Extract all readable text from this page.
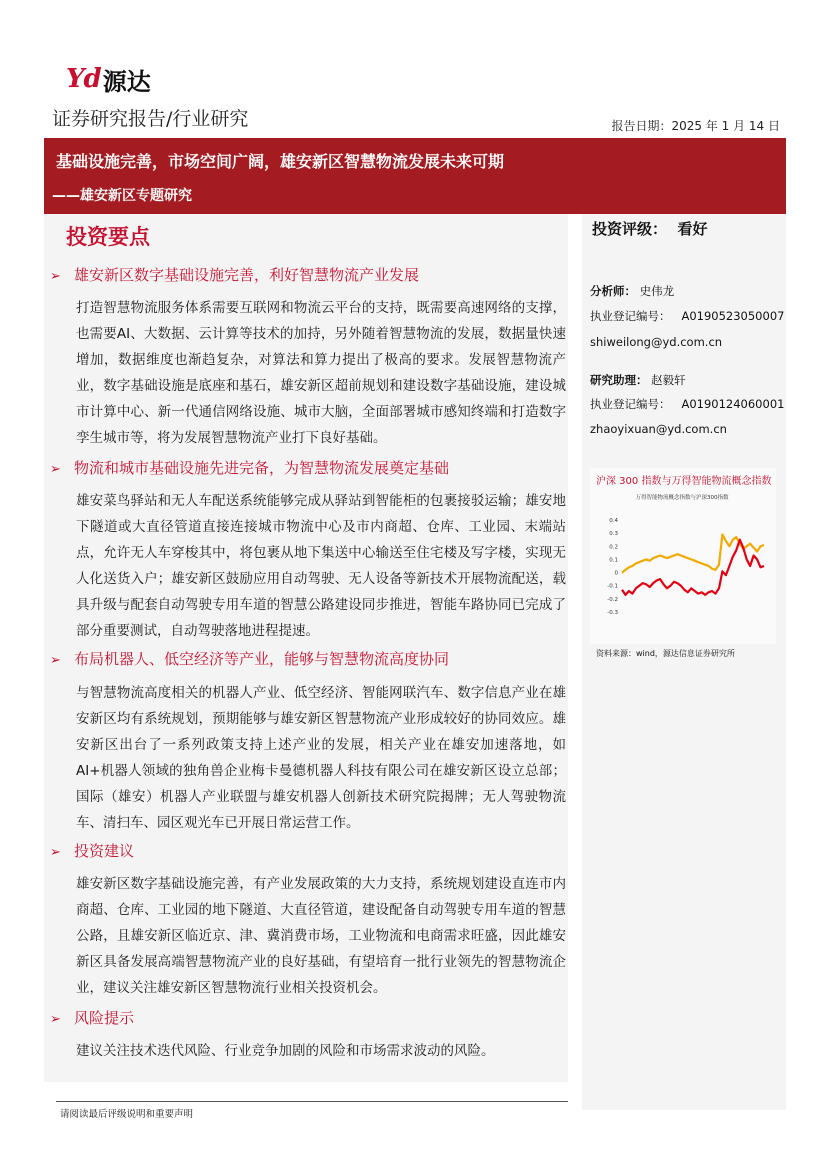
Yd 源达
证券研究报告/行业研究	报告日期：2025 年 1 月 14 日
基础设施完善，市场空间广阔，雄安新区智慧物流发展未来可期
——雄安新区专题研究
投资要点
➢ 雄安新区数字基础设施完善，利好智慧物流产业发展
打造智慧物流服务体系需要互联网和物流云平台的支持，既需要高速网络的支撑，也需要AI、大数据、云计算等技术的加持，另外随着智慧物流的发展，数据量快速增加，数据维度也渐趋复杂，对算法和算力提出了极高的要求。发展智慧物流产业，数字基础设施是底座和基石，雄安新区超前规划和建设数字基础设施，建设城市计算中心、新一代通信网络设施、城市大脑，全面部署城市感知终端和打造数字孪生城市等，将为发展智慧物流产业打下良好基础。
➢ 物流和城市基础设施先进完备，为智慧物流发展奠定基础
雄安菜鸟驿站和无人车配送系统能够完成从驿站到智能柜的包裹接驳运输；雄安地下隧道或大直径管道直接连接城市物流中心及市内商超、仓库、工业园、末端站点，允许无人车穿梭其中，将包裹从地下集送中心输送至住宅楼及写字楼，实现无人化送货入户；雄安新区鼓励应用自动驾驶、无人设备等新技术开展物流配送，载具升级与配套自动驾驶专用车道的智慧公路建设同步推进，智能车路协同已完成了部分重要测试，自动驾驶落地进程提速。
➢ 布局机器人、低空经济等产业，能够与智慧物流高度协同
与智慧物流高度相关的机器人产业、低空经济、智能网联汽车、数字信息产业在雄安新区均有系统规划，预期能够与雄安新区智慧物流产业形成较好的协同效应。雄安新区出台了一系列政策支持上述产业的发展，相关产业在雄安加速落地，如AI+机器人领域的独角兽企业梅卡曼德机器人科技有限公司在雄安新区设立总部；国际（雄安）机器人产业联盟与雄安机器人创新技术研究院揭牌；无人驾驶物流车、清扫车、园区观光车已开展日常运营工作。
➢ 投资建议
雄安新区数字基础设施完善，有产业发展政策的大力支持，系统规划建设直连市内商超、仓库、工业园的地下隧道、大直径管道，建设配备自动驾驶专用车道的智慧公路，且雄安新区临近京、津、冀消费市场，工业物流和电商需求旺盛，因此雄安新区具备发展高端智慧物流产业的良好基础，有望培育一批行业领先的智慧物流企业，建议关注雄安新区智慧物流行业相关投资机会。
➢ 风险提示
建议关注技术迭代风险、行业竞争加剧的风险和市场需求波动的风险。
投资评级： 看好
分析师： 史伟龙
执业登记编号： A0190523050007
shiweilong@yd.com.cn
研究助理： 赵毅轩
执业登记编号： A0190124060001
zhaoyixuan@yd.com.cn
沪深 300 指数与万得智能物流概念指数
万得智能物流概念指数与沪深300指数
0.4
0.3
0.2
0.1
0
-0.1
-0.2
-0.3
资料来源：wind，源达信息证券研究所
请阅读最后评级说明和重要声明
